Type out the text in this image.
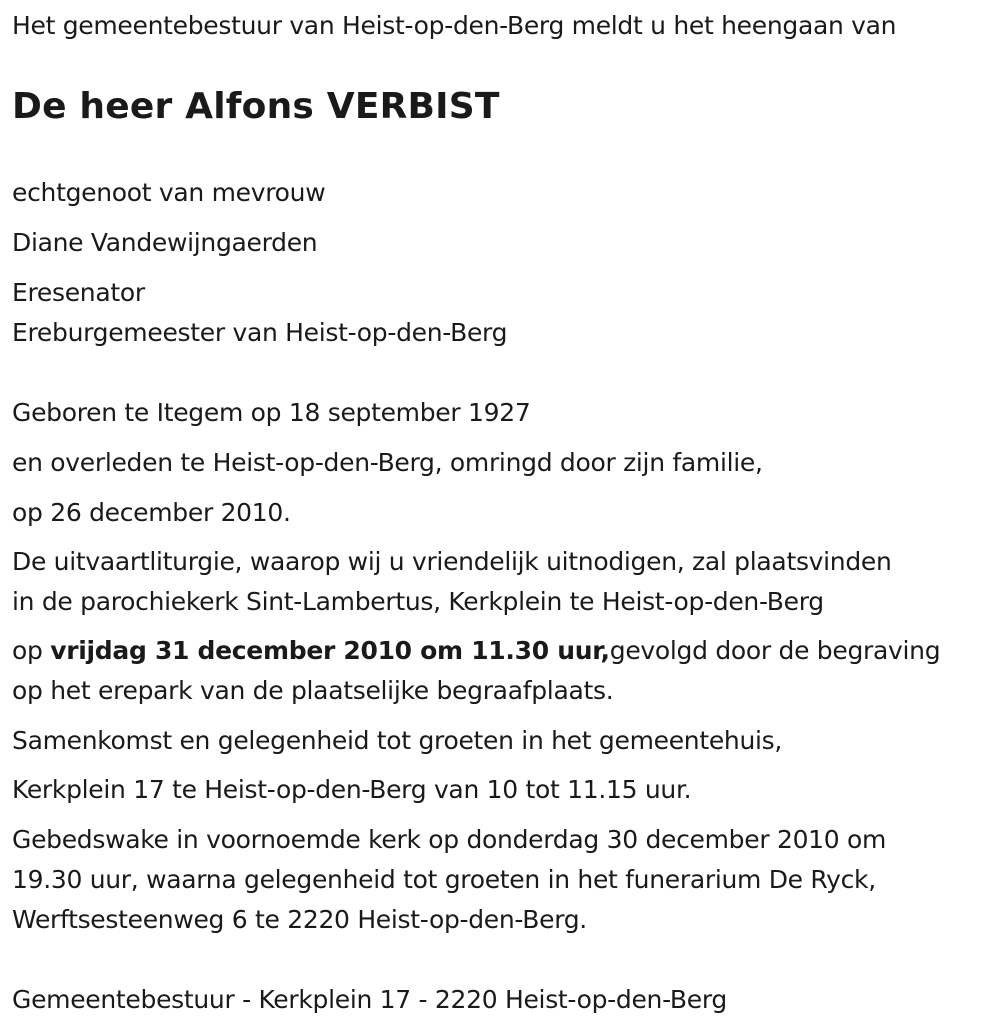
Het gemeentebestuur van Heist-op-den-Berg meldt u het heengaan van
De heer Alfons VERBIST
echtgenoot van mevrouw
Diane Vandewijngaerden
Eresenator
Ereburgemeester van Heist-op-den-Berg
Geboren te Itegem op 18 september 1927
en overleden te Heist-op-den-Berg, omringd door zijn familie,
op 26 december 2010.
De uitvaartliturgie, waarop wij u vriendelijk uitnodigen, zal plaatsvinden
in de parochiekerk Sint-Lambertus, Kerkplein te Heist-op-den-Berg
op vrijdag 31 december 2010 om 11.30 uur,gevolgd door de begraving
op het erepark van de plaatselijke begraafplaats.
Samenkomst en gelegenheid tot groeten in het gemeentehuis,
Kerkplein 17 te Heist-op-den-Berg van 10 tot 11.15 uur.
Gebedswake in voornoemde kerk op donderdag 30 december 2010 om
19.30 uur, waarna gelegenheid tot groeten in het funerarium De Ryck,
Werftsesteenweg 6 te 2220 Heist-op-den-Berg.
Gemeentebestuur - Kerkplein 17 - 2220 Heist-op-den-Berg
